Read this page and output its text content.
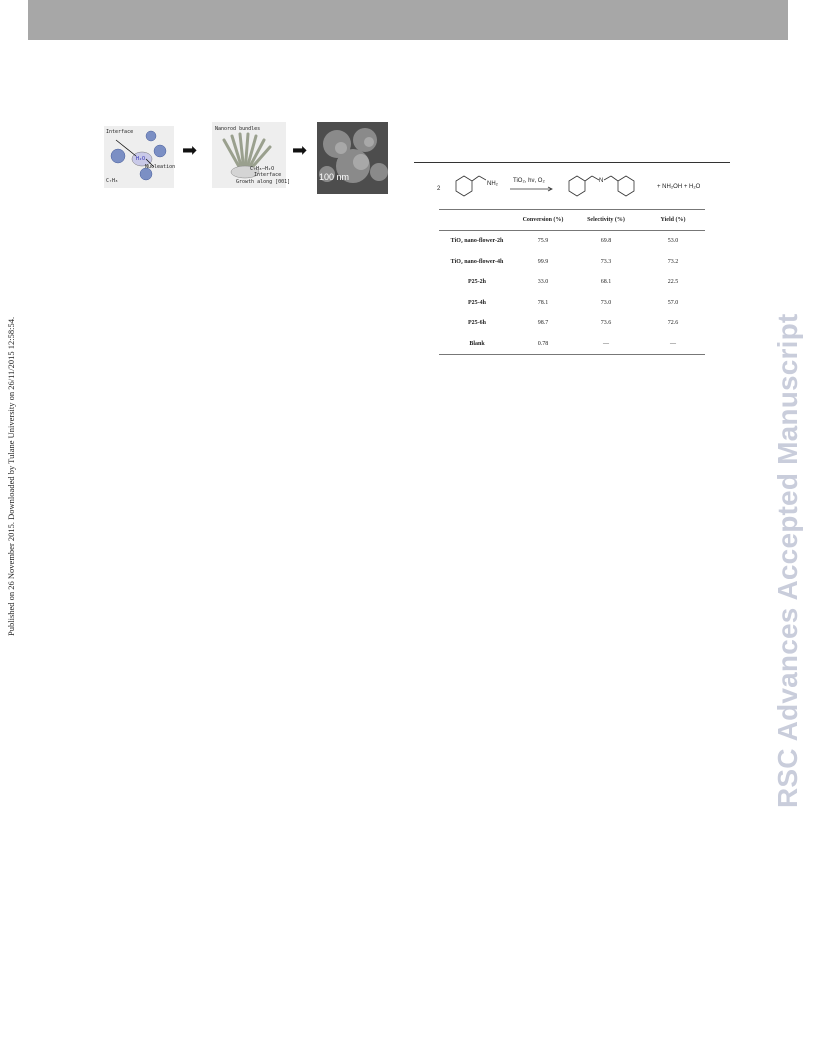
Published on 26 November 2015. Downloaded by Tulane University on 26/11/2015 12:58:54.	RSC Advances Accepted Manuscript
Interface
H₂O
Nucleation
C₇H₈
➡
Nanorod bundles
C₇H₈–H₂O
Interface
Growth along [001]
➡
100 nm
2
NH₂	TiO₂, hν, O₂	N
+ NH₂OH + H₂O
	Conversion (%)	Selectivity (%)	Yield (%)
TiO₂ nano-flower-2h	75.9	69.8	53.0
TiO₂ nano-flower-4h	99.9	73.3	73.2
P25-2h	33.0	68.1	22.5
P25-4h	78.1	73.0	57.0
P25-6h	98.7	73.6	72.6
Blank	0.78	—	—
